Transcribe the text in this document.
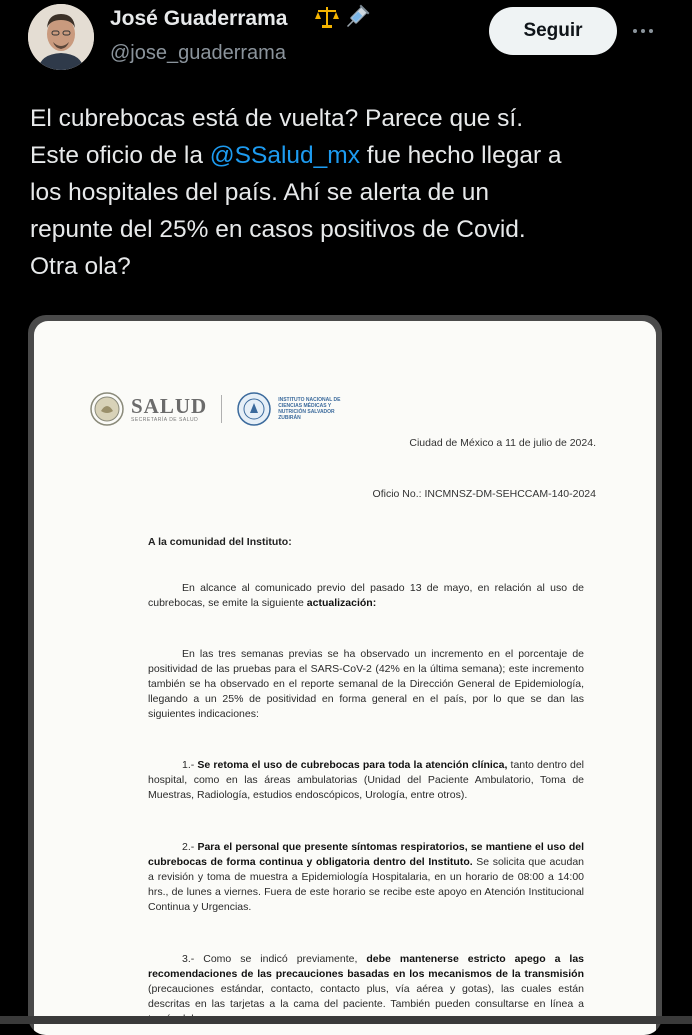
José Guaderrama
@jose_guaderrama
Seguir
El cubrebocas está de vuelta? Parece que sí.
Este oficio de la @SSalud_mx fue hecho llegar a
los hospitales del país. Ahí se alerta de un
repunte del 25% en casos positivos de Covid.
Otra ola?
SALUD
SECRETARÍA DE SALUD
INSTITUTO NACIONAL DE CIENCIAS MÉDICAS Y NUTRICIÓN SALVADOR ZUBIRÁN
Ciudad de México a 11 de julio de 2024.
Oficio No.: INCMNSZ-DM-SEHCCAM-140-2024
A la comunidad del Instituto:
En alcance al comunicado previo del pasado 13 de mayo, en relación al uso de cubrebocas, se emite la siguiente actualización:
En las tres semanas previas se ha observado un incremento en el porcentaje de positividad de las pruebas para el SARS-CoV-2 (42% en la última semana); este incremento también se ha observado en el reporte semanal de la Dirección General de Epidemiología, llegando a un 25% de positividad en forma general en el país, por lo que se dan las siguientes indicaciones:
1.- Se retoma el uso de cubrebocas para toda la atención clínica, tanto dentro del hospital, como en las áreas ambulatorias (Unidad del Paciente Ambulatorio, Toma de Muestras, Radiología, estudios endoscópicos, Urología, entre otros).
2.- Para el personal que presente síntomas respiratorios, se mantiene el uso del cubrebocas de forma continua y obligatoria dentro del Instituto. Se solicita que acudan a revisión y toma de muestra a Epidemiología Hospitalaria, en un horario de 08:00 a 14:00 hrs., de lunes a viernes. Fuera de este horario se recibe este apoyo en Atención Institucional Continua y Urgencias.
3.- Como se indicó previamente, debe mantenerse estricto apego a las recomendaciones de las precauciones basadas en los mecanismos de la transmisión (precauciones estándar, contacto, contacto plus, vía aérea y gotas), las cuales están descritas en las tarjetas a la cama del paciente. También pueden consultarse en línea a
